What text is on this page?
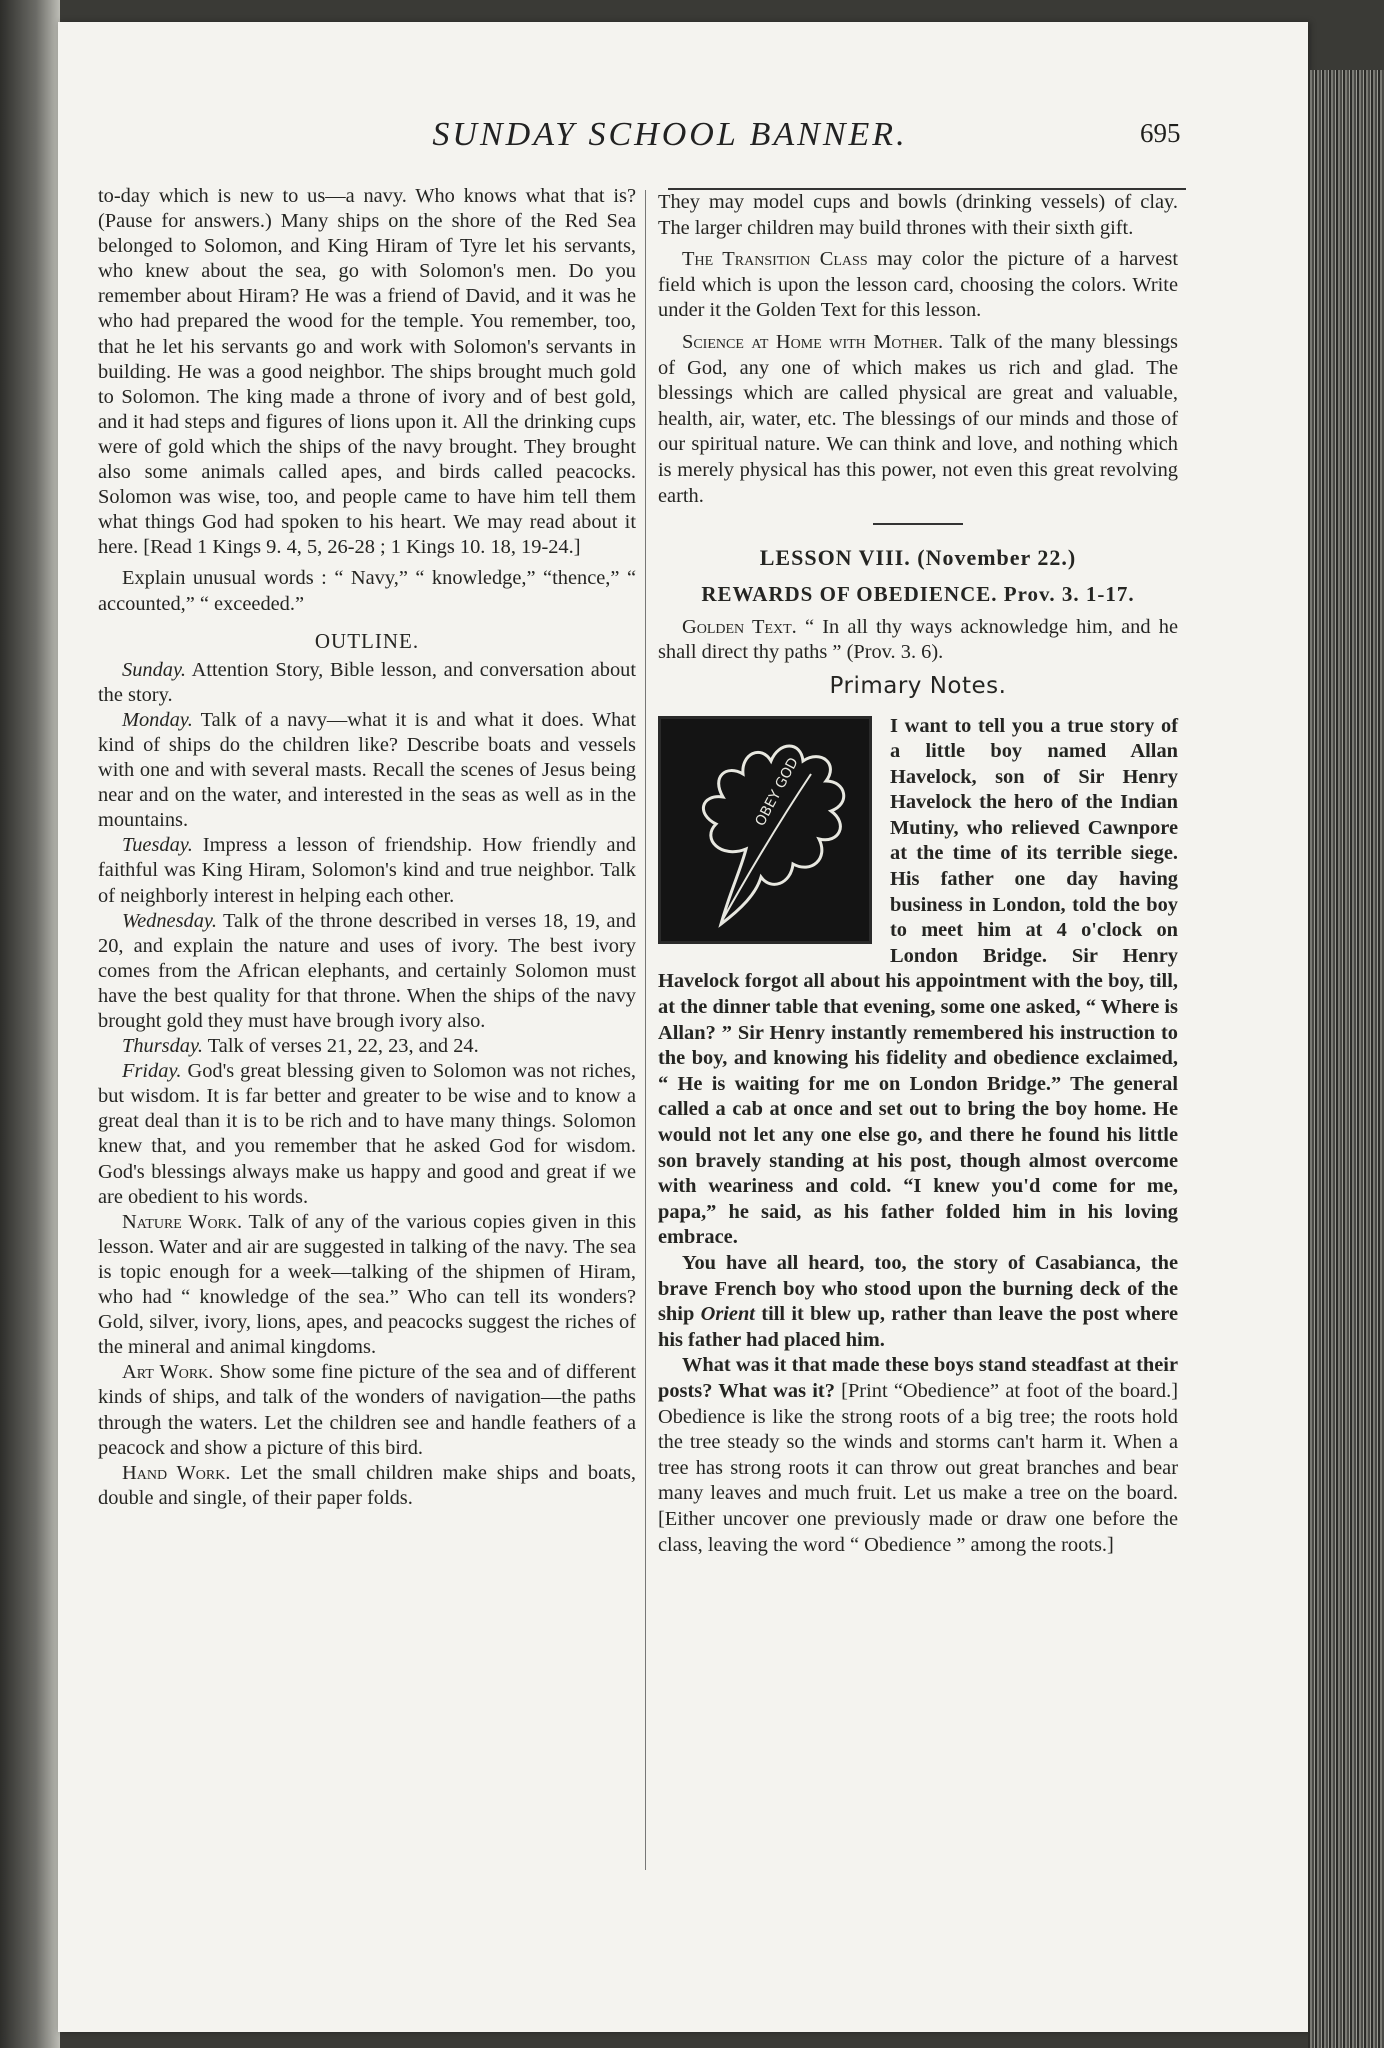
SUNDAY SCHOOL BANNER.	695

to-day which is new to us—a navy. Who knows what that is? (Pause for answers.) Many ships on the shore of the Red Sea belonged to Solomon, and King Hiram of Tyre let his servants, who knew about the sea, go with Solomon's men. Do you remember about Hiram? He was a friend of David, and it was he who had prepared the wood for the temple. You remember, too, that he let his servants go and work with Solomon's servants in building. He was a good neighbor. The ships brought much gold to Solomon. The king made a throne of ivory and of best gold, and it had steps and figures of lions upon it. All the drinking cups were of gold which the ships of the navy brought. They brought also some animals called apes, and birds called peacocks. Solomon was wise, too, and people came to have him tell them what things God had spoken to his heart. We may read about it here. [Read 1 Kings 9. 4, 5, 26-28 ; 1 Kings 10. 18, 19-24.]

Explain unusual words : “ Navy,” “ knowledge,” “thence,” “ accounted,” “ exceeded.”

OUTLINE.

Sunday. Attention Story, Bible lesson, and conversation about the story.

Monday. Talk of a navy—what it is and what it does. What kind of ships do the children like? Describe boats and vessels with one and with several masts. Recall the scenes of Jesus being near and on the water, and interested in the seas as well as in the mountains.

Tuesday. Impress a lesson of friendship. How friendly and faithful was King Hiram, Solomon's kind and true neighbor. Talk of neighborly interest in helping each other.

Wednesday. Talk of the throne described in verses 18, 19, and 20, and explain the nature and uses of ivory. The best ivory comes from the African elephants, and certainly Solomon must have the best quality for that throne. When the ships of the navy brought gold they must have brough ivory also.

Thursday. Talk of verses 21, 22, 23, and 24.

Friday. God's great blessing given to Solomon was not riches, but wisdom. It is far better and greater to be wise and to know a great deal than it is to be rich and to have many things. Solomon knew that, and you remember that he asked God for wisdom. God's blessings always make us happy and good and great if we are obedient to his words.

Nature Work. Talk of any of the various copies given in this lesson. Water and air are suggested in talking of the navy. The sea is topic enough for a week—talking of the shipmen of Hiram, who had “ knowledge of the sea.” Who can tell its wonders? Gold, silver, ivory, lions, apes, and peacocks suggest the riches of the mineral and animal kingdoms.

Art Work. Show some fine picture of the sea and of different kinds of ships, and talk of the wonders of navigation—the paths through the waters. Let the children see and handle feathers of a peacock and show a picture of this bird.

Hand Work. Let the small children make ships and boats, double and single, of their paper folds.

They may model cups and bowls (drinking vessels) of clay. The larger children may build thrones with their sixth gift.

The Transition Class may color the picture of a harvest field which is upon the lesson card, choosing the colors. Write under it the Golden Text for this lesson.

Science at Home with Mother. Talk of the many blessings of God, any one of which makes us rich and glad. The blessings which are called physical are great and valuable, health, air, water, etc. The blessings of our minds and those of our spiritual nature. We can think and love, and nothing which is merely physical has this power, not even this great revolving earth.

LESSON VIII. (November 22.)
REWARDS OF OBEDIENCE. Prov. 3. 1-17.

Golden Text. “ In all thy ways acknowledge him, and he shall direct thy paths ” (Prov. 3. 6).

Primary Notes.
OBEY GOD

I want to tell you a true story of a little boy named Allan Havelock, son of Sir Henry Havelock the hero of the Indian Mutiny, who relieved Cawnpore at the time of its terrible siege. His father one day having business in London, told the boy to meet him at 4 o'clock on London Bridge. Sir Henry Havelock forgot all about his appointment with the boy, till, at the dinner table that evening, some one asked, “ Where is Allan? ” Sir Henry instantly remembered his instruction to the boy, and knowing his fidelity and obedience exclaimed, “ He is waiting for me on London Bridge.” The general called a cab at once and set out to bring the boy home. He would not let any one else go, and there he found his little son bravely standing at his post, though almost overcome with weariness and cold. “I knew you'd come for me, papa,” he said, as his father folded him in his loving embrace.

You have all heard, too, the story of Casabianca, the brave French boy who stood upon the burning deck of the ship Orient till it blew up, rather than leave the post where his father had placed him.

What was it that made these boys stand steadfast at their posts? What was it? [Print “Obedience” at foot of the board.] Obedience is like the strong roots of a big tree; the roots hold the tree steady so the winds and storms can't harm it. When a tree has strong roots it can throw out great branches and bear many leaves and much fruit. Let us make a tree on the board. [Either uncover one previously made or draw one before the class, leaving the word “ Obedience ” among the roots.]
